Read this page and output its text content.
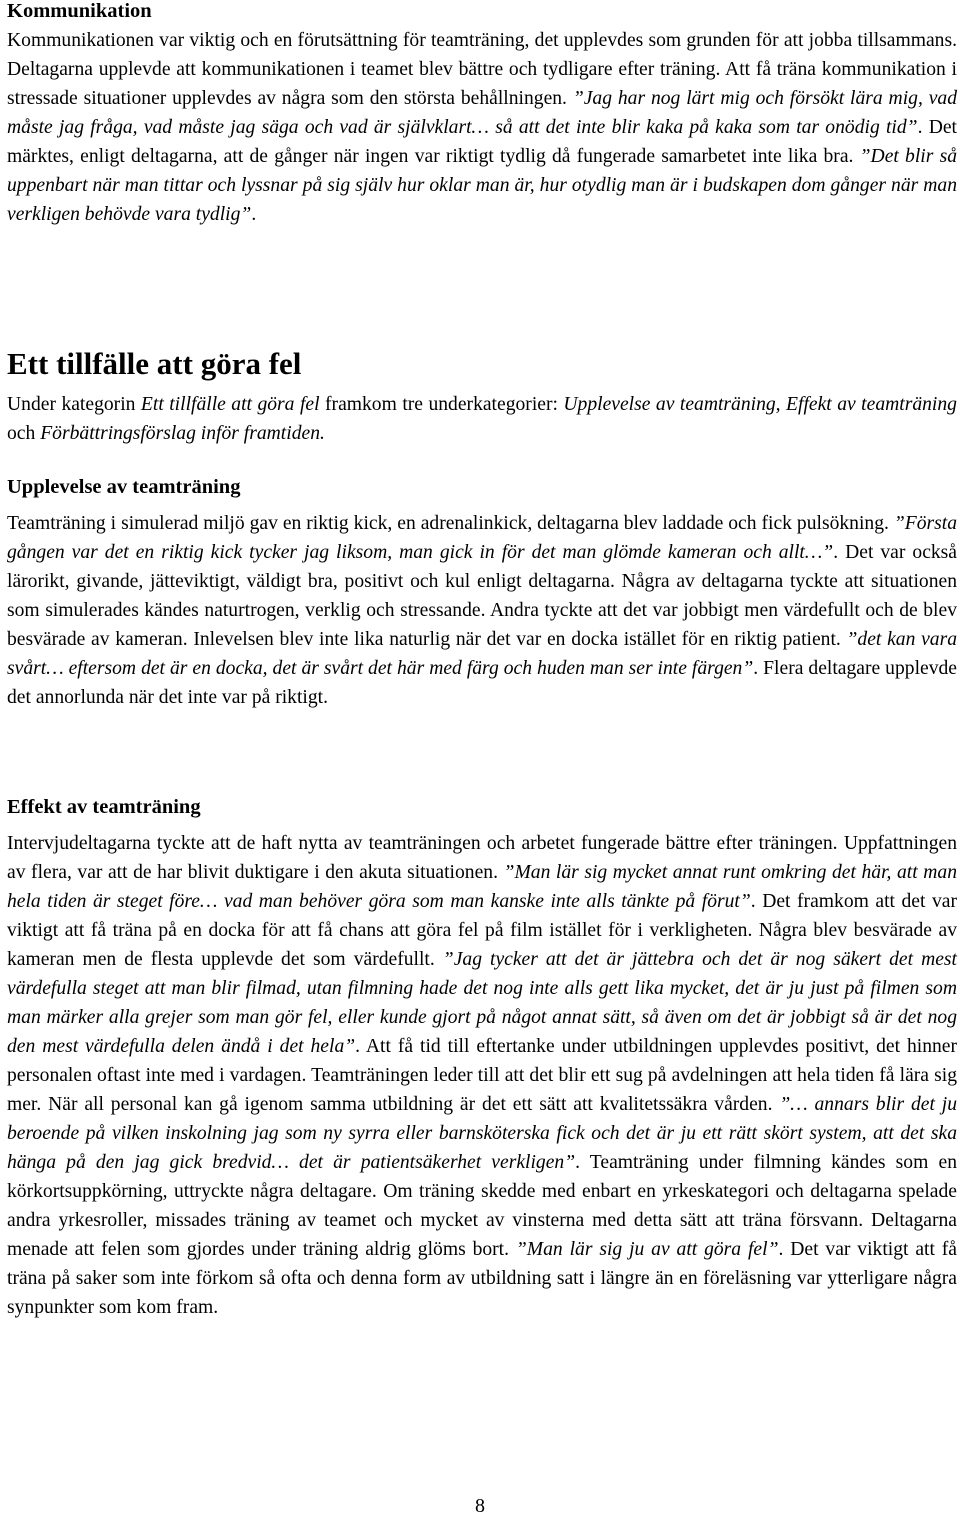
Kommunikation

Kommunikationen var viktig och en förutsättning för teamträning, det upplevdes som grunden för att jobba tillsammans. Deltagarna upplevde att kommunikationen i teamet blev bättre och tydligare efter träning. Att få träna kommunikation i stressade situationer upplevdes av några som den största behållningen. ”Jag har nog lärt mig och försökt lära mig, vad måste jag fråga, vad måste jag säga och vad är självklart… så att det inte blir kaka på kaka som tar onödig tid”. Det märktes, enligt deltagarna, att de gånger när ingen var riktigt tydlig då fungerade samarbetet inte lika bra. ”Det blir så uppenbart när man tittar och lyssnar på sig själv hur oklar man är, hur otydlig man är i budskapen dom gånger när man verkligen behövde vara tydlig”.

Ett tillfälle att göra fel

Under kategorin Ett tillfälle att göra fel framkom tre underkategorier: Upplevelse av teamträning, Effekt av teamträning och Förbättringsförslag inför framtiden.

Upplevelse av teamträning

Teamträning i simulerad miljö gav en riktig kick, en adrenalinkick, deltagarna blev laddade och fick pulsökning. ”Första gången var det en riktig kick tycker jag liksom, man gick in för det man glömde kameran och allt…”. Det var också lärorikt, givande, jätteviktigt, väldigt bra, positivt och kul enligt deltagarna. Några av deltagarna tyckte att situationen som simulerades kändes naturtrogen, verklig och stressande. Andra tyckte att det var jobbigt men värdefullt och de blev besvärade av kameran. Inlevelsen blev inte lika naturlig när det var en docka istället för en riktig patient. ”det kan vara svårt… eftersom det är en docka, det är svårt det här med färg och huden man ser inte färgen”. Flera deltagare upplevde det annorlunda när det inte var på riktigt.

Effekt av teamträning

Intervjudeltagarna tyckte att de haft nytta av teamträningen och arbetet fungerade bättre efter träningen. Uppfattningen av flera, var att de har blivit duktigare i den akuta situationen. ”Man lär sig mycket annat runt omkring det här, att man hela tiden är steget före… vad man behöver göra som man kanske inte alls tänkte på förut”. Det framkom att det var viktigt att få träna på en docka för att få chans att göra fel på film istället för i verkligheten. Några blev besvärade av kameran men de flesta upplevde det som värdefullt. ”Jag tycker att det är jättebra och det är nog säkert det mest värdefulla steget att man blir filmad, utan filmning hade det nog inte alls gett lika mycket, det är ju just på filmen som man märker alla grejer som man gör fel, eller kunde gjort på något annat sätt, så även om det är jobbigt så är det nog den mest värdefulla delen ändå i det hela”. Att få tid till eftertanke under utbildningen upplevdes positivt, det hinner personalen oftast inte med i vardagen. Teamträningen leder till att det blir ett sug på avdelningen att hela tiden få lära sig mer. När all personal kan gå igenom samma utbildning är det ett sätt att kvalitetssäkra vården. ”… annars blir det ju beroende på vilken inskolning jag som ny syrra eller barnsköterska fick och det är ju ett rätt skört system, att det ska hänga på den jag gick bredvid… det är patientsäkerhet verkligen”. Teamträning under filmning kändes som en körkortsuppkörning, uttryckte några deltagare. Om träning skedde med enbart en yrkeskategori och deltagarna spelade andra yrkesroller, missades träning av teamet och mycket av vinsterna med detta sätt att träna försvann. Deltagarna menade att felen som gjordes under träning aldrig glöms bort. ”Man lär sig ju av att göra fel”. Det var viktigt att få träna på saker som inte förkom så ofta och denna form av utbildning satt i längre än en föreläsning var ytterligare några synpunkter som kom fram.

8
